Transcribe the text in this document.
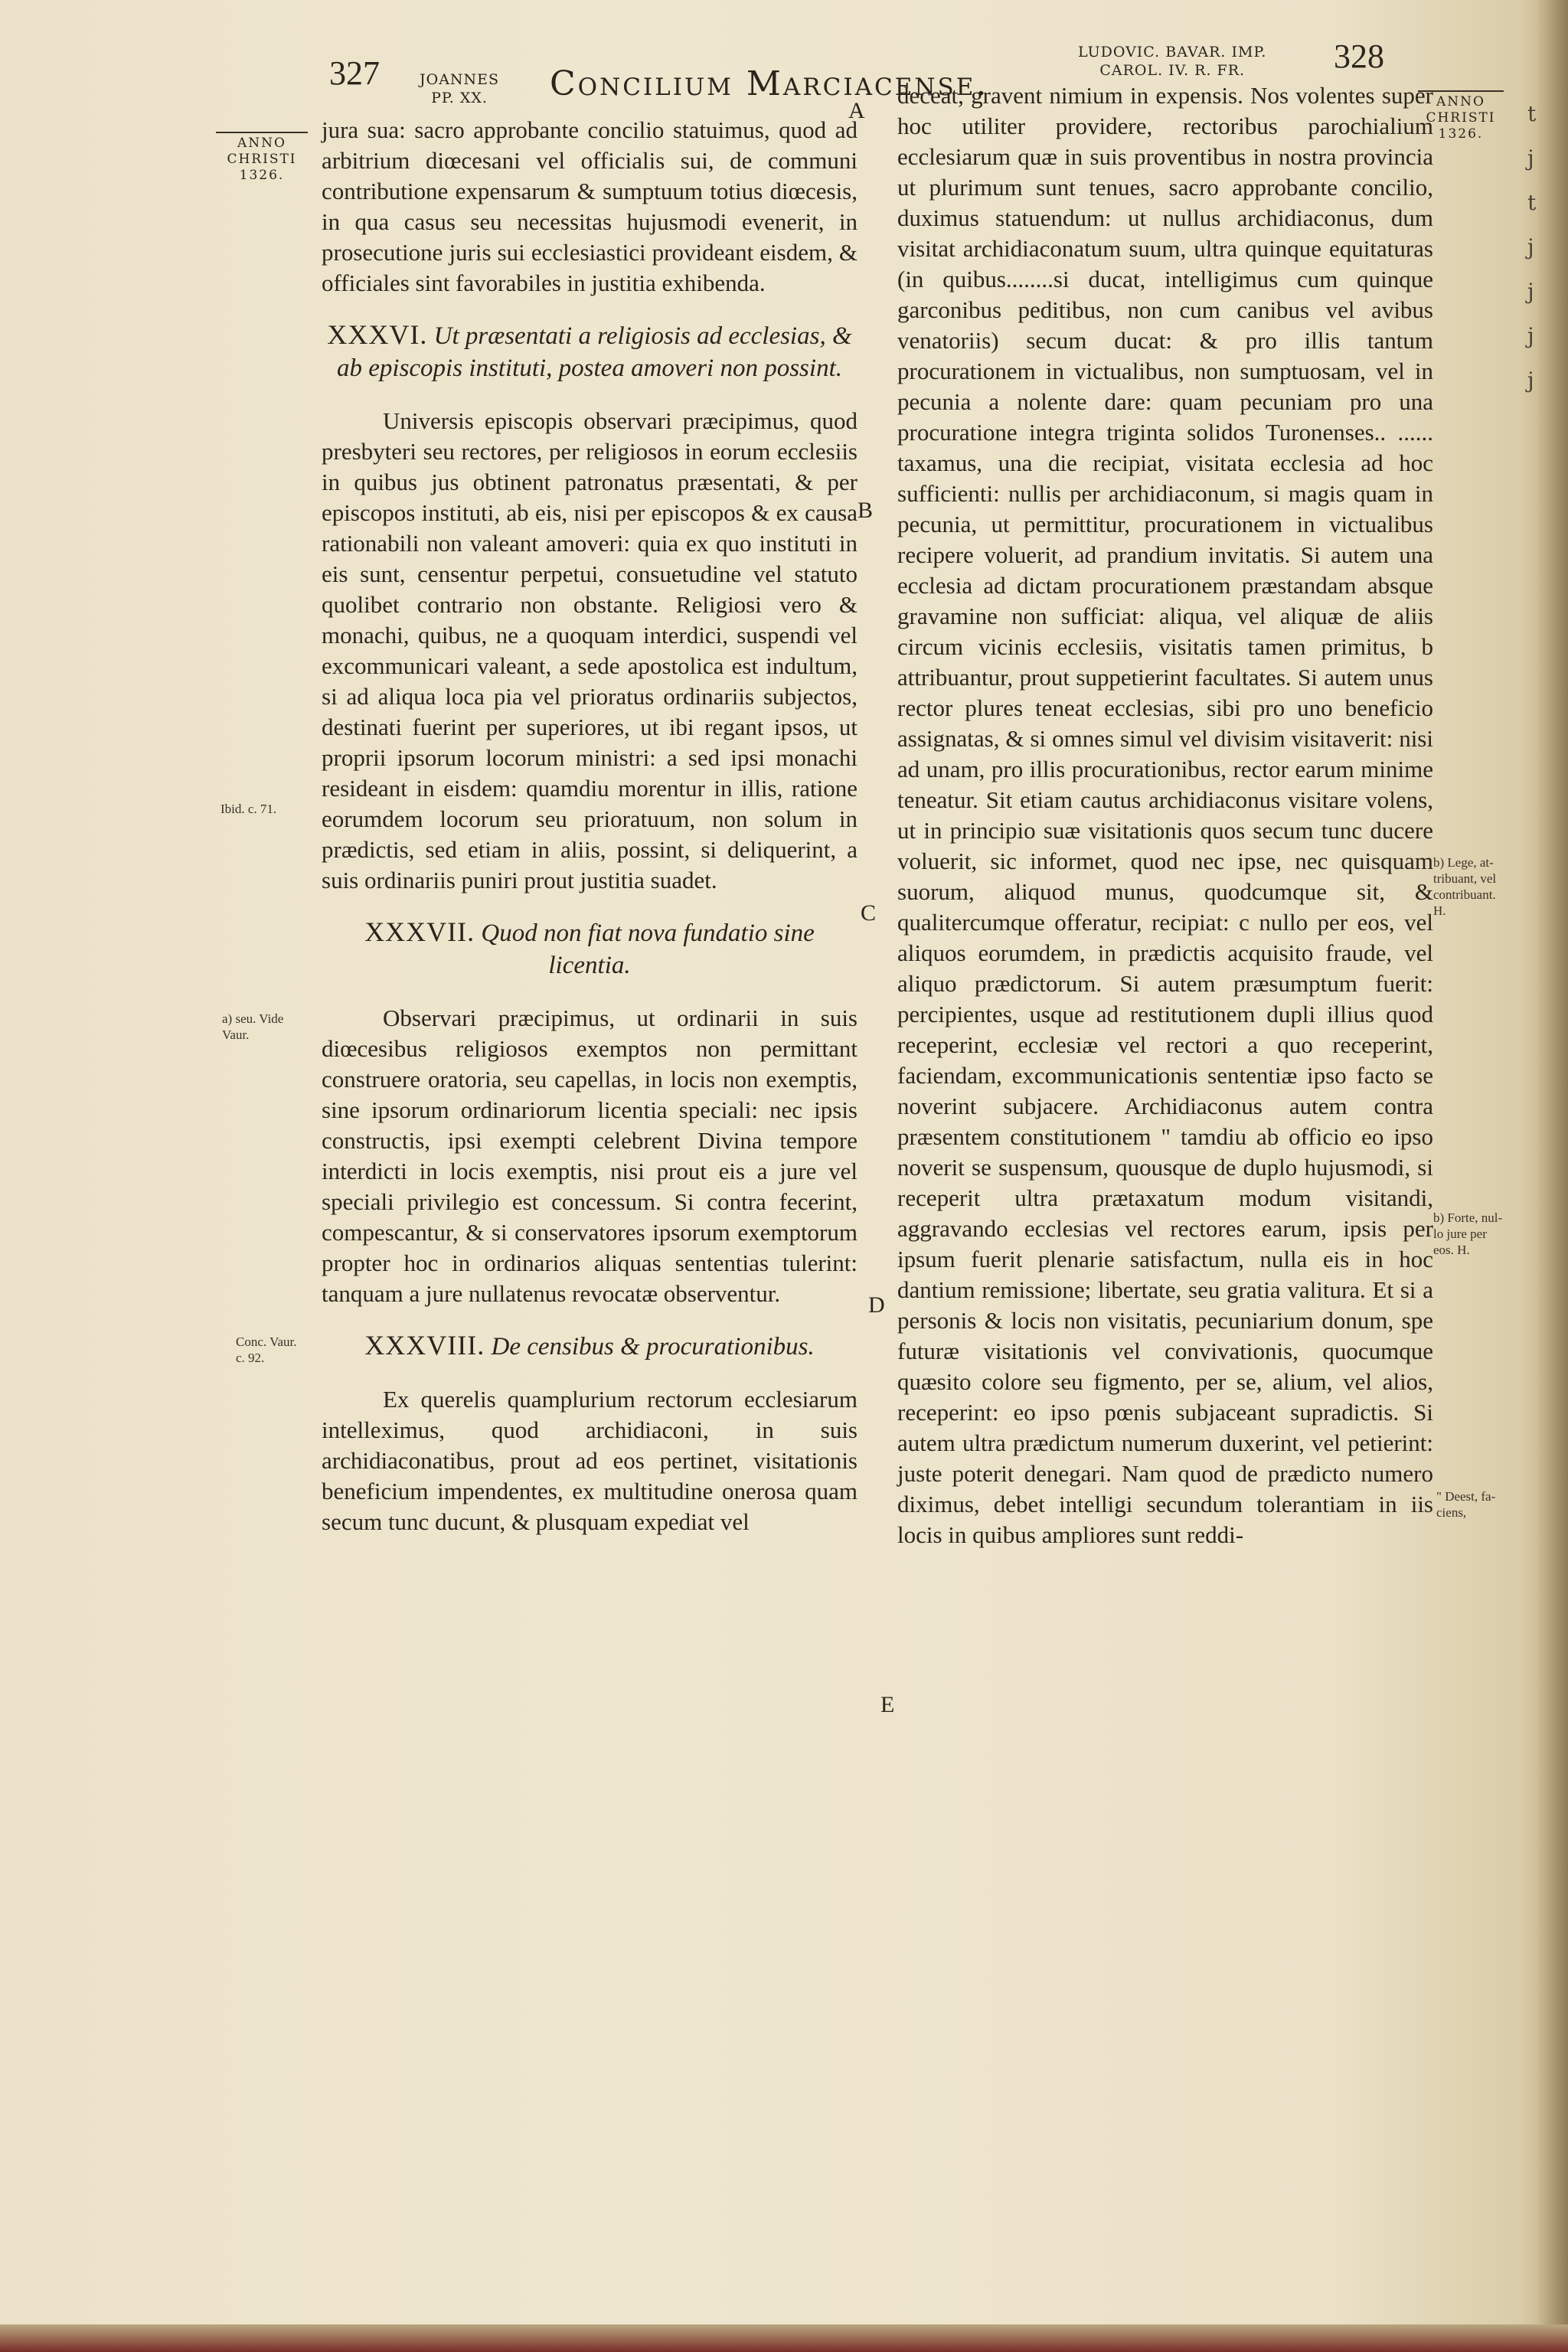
327	JOANNES
PP. XX.	Concilium Marciacense.
LUDOVIC. BAVAR. IMP.
CAROL. IV. R. FR.	328
ANNO
CHRISTI
1326.
ANNO
CHRISTI
1326.
A
B
C
D
E
Ibid. c. 71.
a) seu. Vide
Vaur.
Conc. Vaur.
c. 92.
b) Lege, at-
tribuant, vel
contribuant.
H.
b) Forte, nul-
lo jure per
eos. H.
" Deest, fa-
ciens,

jura sua: sacro approbante concilio statuimus, quod ad arbitrium diœcesani vel officialis sui, de communi contributione expensarum & sumptuum totius diœcesis, in qua casus seu necessitas hujusmodi evenerit, in prosecutione juris sui ecclesiastici provideant eisdem, & officiales sint favorabiles in justitia exhibenda.

XXXVI. Ut præsentati a religiosis ad ecclesias, & ab episcopis instituti, postea amoveri non possint.

Universis episcopis observari præcipimus, quod presbyteri seu rectores, per religiosos in eorum ecclesiis in quibus jus obtinent patronatus præsentati, & per episcopos instituti, ab eis, nisi per episcopos & ex causa rationabili non valeant amoveri: quia ex quo instituti in eis sunt, censentur perpetui, consuetudine vel statuto quolibet contrario non obstante. Religiosi vero & monachi, quibus, ne a quoquam interdici, suspendi vel excommunicari valeant, a sede apostolica est indultum, si ad aliqua loca pia vel prioratus ordinariis subjectos, destinati fuerint per superiores, ut ibi regant ipsos, ut proprii ipsorum locorum ministri: a sed ipsi monachi resideant in eisdem: quamdiu morentur in illis, ratione eorumdem locorum seu prioratuum, non solum in prædictis, sed etiam in aliis, possint, si deliquerint, a suis ordinariis puniri prout justitia suadet.

XXXVII. Quod non fiat nova fundatio sine licentia.

Observari præcipimus, ut ordinarii in suis diœcesibus religiosos exemptos non permittant construere oratoria, seu capellas, in locis non exemptis, sine ipsorum ordinariorum licentia speciali: nec ipsis constructis, ipsi exempti celebrent Divina tempore interdicti in locis exemptis, nisi prout eis a jure vel speciali privilegio est concessum. Si contra fecerint, compescantur, & si conservatores ipsorum exemptorum propter hoc in ordinarios aliquas sententias tulerint: tanquam a jure nullatenus revocatæ observentur.

XXXVIII. De censibus & procurationibus.

Ex querelis quamplurium rectorum ecclesiarum intelleximus, quod archidiaconi, in suis archidiaconatibus, prout ad eos pertinet, visitationis beneficium impendentes, ex multitudine onerosa quam secum tunc ducunt, & plusquam expediat vel

deceat, gravent nimium in expensis. Nos volentes super hoc utiliter providere, rectoribus parochialium ecclesiarum quæ in suis proventibus in nostra provincia ut plurimum sunt tenues, sacro approbante concilio, duximus statuendum: ut nullus archidiaconus, dum visitat archidiaconatum suum, ultra quinque equitaturas (in quibus........si ducat, intelligimus cum quinque garconibus peditibus, non cum canibus vel avibus venatoriis) secum ducat: & pro illis tantum procurationem in victualibus, non sumptuosam, vel in pecunia a nolente dare: quam pecuniam pro una procuratione integra triginta solidos Turonenses.. ...... taxamus, una die recipiat, visitata ecclesia ad hoc sufficienti: nullis per archidiaconum, si magis quam in pecunia, ut permittitur, procurationem in victualibus recipere voluerit, ad prandium invitatis. Si autem una ecclesia ad dictam procurationem præstandam absque gravamine non sufficiat: aliqua, vel aliquæ de aliis circum vicinis ecclesiis, visitatis tamen primitus, b attribuantur, prout suppetierint facultates. Si autem unus rector plures teneat ecclesias, sibi pro uno beneficio assignatas, & si omnes simul vel divisim visitaverit: nisi ad unam, pro illis procurationibus, rector earum minime teneatur. Sit etiam cautus archidiaconus visitare volens, ut in principio suæ visitationis quos secum tunc ducere voluerit, sic informet, quod nec ipse, nec quisquam suorum, aliquod munus, quodcumque sit, & qualitercumque offeratur, recipiat: c nullo per eos, vel aliquos eorumdem, in prædictis acquisito fraude, vel aliquo prædictorum. Si autem præsumptum fuerit: percipientes, usque ad restitutionem dupli illius quod receperint, ecclesiæ vel rectori a quo receperint, faciendam, excommunicationis sententiæ ipso facto se noverint subjacere. Archidiaconus autem contra præsentem constitutionem " tamdiu ab officio eo ipso noverit se suspensum, quousque de duplo hujusmodi, si receperit ultra prætaxatum modum visitandi, aggravando ecclesias vel rectores earum, ipsis per ipsum fuerit plenarie satisfactum, nulla eis in hoc dantium remissione; libertate, seu gratia valitura. Et si a personis & locis non visitatis, pecuniarium donum, spe futuræ visitationis vel convivationis, quocumque quæsito colore seu figmento, per se, alium, vel alios, receperint: eo ipso pœnis subjaceant supradictis. Si autem ultra prædictum numerum duxerint, vel petierint: juste poterit denegari. Nam quod de prædicto numero diximus, debet intelligi secundum tolerantiam in iis locis in quibus ampliores sunt reddi-

t
j
t
j
j
j
j
